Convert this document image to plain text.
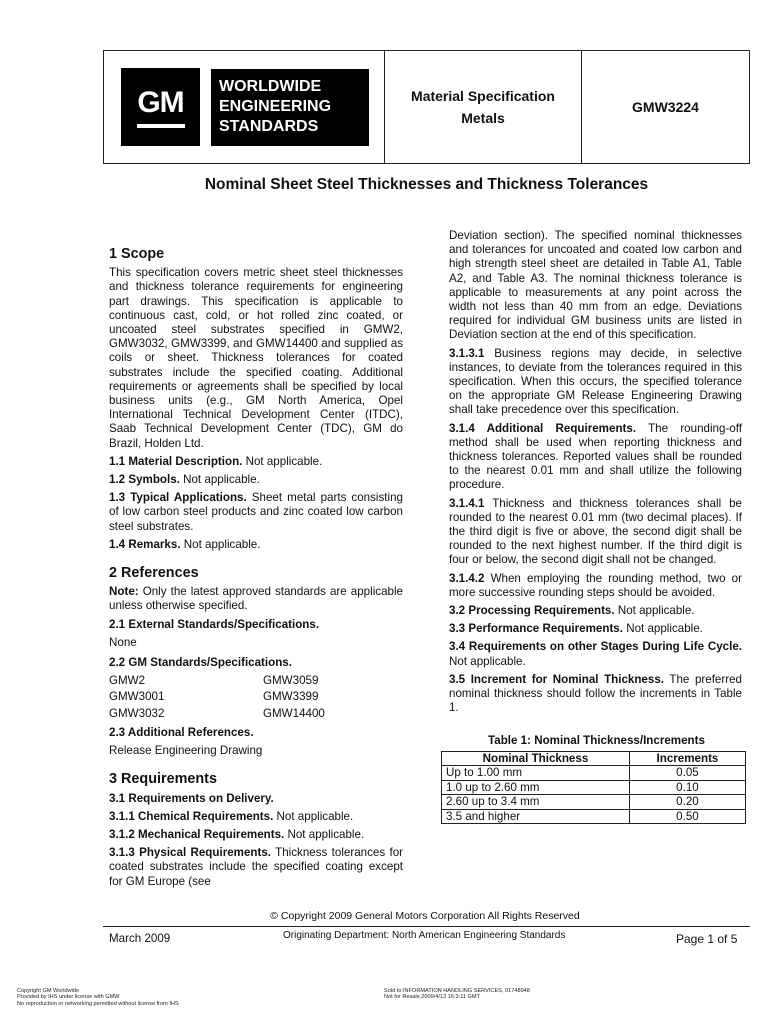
GM WORLDWIDE
ENGINEERING
STANDARDS
Material Specification
Metals
GMW3224
Nominal Sheet Steel Thicknesses and Thickness Tolerances
1 Scope

This specification covers metric sheet steel thicknesses and thickness tolerance requirements for engineering part drawings. This specification is applicable to continuous cast, cold, or hot rolled zinc coated, or uncoated steel substrates specified in GMW2, GMW3032, GMW3399, and GMW14400 and supplied as coils or sheet. Thickness tolerances for coated substrates include the specified coating. Additional requirements or agreements shall be specified by local business units (e.g., GM North America, Opel International Technical Development Center (ITDC), Saab Technical Development Center (TDC), GM do Brazil, Holden Ltd.

1.1 Material Description. Not applicable.

1.2 Symbols. Not applicable.

1.3 Typical Applications. Sheet metal parts consisting of low carbon steel products and zinc coated low carbon steel substrates.

1.4 Remarks. Not applicable.

2 References

Note: Only the latest approved standards are applicable unless otherwise specified.

2.1 External Standards/Specifications.

None

2.2 GM Standards/Specifications.

GMW2	GMW3059
GMW3001	GMW3399
GMW3032	GMW14400

2.3 Additional References.

Release Engineering Drawing

3 Requirements

3.1 Requirements on Delivery.

3.1.1 Chemical Requirements. Not applicable.

3.1.2 Mechanical Requirements. Not applicable.

3.1.3 Physical Requirements. Thickness tolerances for coated substrates include the specified coating except for GM Europe (see

Deviation section). The specified nominal thicknesses and tolerances for uncoated and coated low carbon and high strength steel sheet are detailed in Table A1, Table A2, and Table A3. The nominal thickness tolerance is applicable to measurements at any point across the width not less than 40 mm from an edge. Deviations required for individual GM business units are listed in Deviation section at the end of this specification.

3.1.3.1 Business regions may decide, in selective instances, to deviate from the tolerances required in this specification. When this occurs, the specified tolerance on the appropriate GM Release Engineering Drawing shall take precedence over this specification.

3.1.4 Additional Requirements. The rounding-off method shall be used when reporting thickness and thickness tolerances. Reported values shall be rounded to the nearest 0.01 mm and shall utilize the following procedure.

3.1.4.1 Thickness and thickness tolerances shall be rounded to the nearest 0.01 mm (two decimal places). If the third digit is five or above, the second digit shall be rounded to the next highest number. If the third digit is four or below, the second digit shall not be changed.

3.1.4.2 When employing the rounding method, two or more successive rounding steps should be avoided.

3.2 Processing Requirements. Not applicable.

3.3 Performance Requirements. Not applicable.

3.4 Requirements on other Stages During Life Cycle. Not applicable.

3.5 Increment for Nominal Thickness. The preferred nominal thickness should follow the increments in Table 1.

Table 1: Nominal Thickness/Increments
Nominal Thickness	Increments
Up to 1.00 mm	0.05
1.0 up to 2.60 mm	0.10
2.60 up to 3.4 mm	0.20
3.5 and higher	0.50
© Copyright 2009 General Motors Corporation All Rights Reserved
March 2009	Originating Department: North American Engineering Standards	Page 1 of 5
Copyright GM Worldwide
Provided by IHS under license with GMW
No reproduction or networking permitted without license from IHS
Sold to:INFORMATION HANDLING SERVICES, 01748948
Not for Resale,2009/4/13 16:3:11 GMT
